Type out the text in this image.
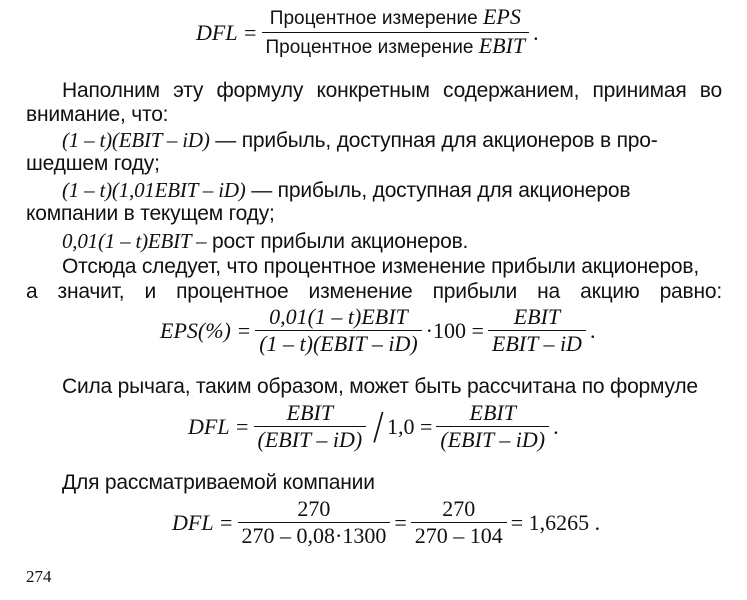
DFL = $\frac{\text{Процентное измерение EPS}}{\text{Процентное измерение EBIT}}$ .
Наполним эту формулу конкретным содержанием, принимая во
внимание, что:
(1 – t)(EBIT – iD) — прибыль, доступная для акционеров в про-
шедшем году;
(1 – t)(1,01EBIT – iD) — прибыль, доступная для акционеров
компании в текущем году;
0,01(1 – t)EBIT – рост прибыли акционеров.
Отсюда следует, что процентное изменение прибыли акционеров,
а значит, и процентное изменение прибыли на акцию равно:
$EPS(\%) = \frac{\text{0,01(1 – t)EBIT}}{\text{(1 – t)(EBIT – iD)}} \cdot 100 = \frac{\text{EBIT}}{\text{EBIT – iD}}$ .
Сила рычага, таким образом, может быть рассчитана по формуле
DFL = $\frac{\text{EBIT}}{\text{(EBIT – iD)}} / 1,0 = \frac{\text{EBIT}}{\text{(EBIT – iD)}}$ .
Для рассматриваемой компании
DFL = $\frac{270}{270 - 0,08\cdot 1300} = \frac{270}{270 - 104} = 1,6265$ .
274
